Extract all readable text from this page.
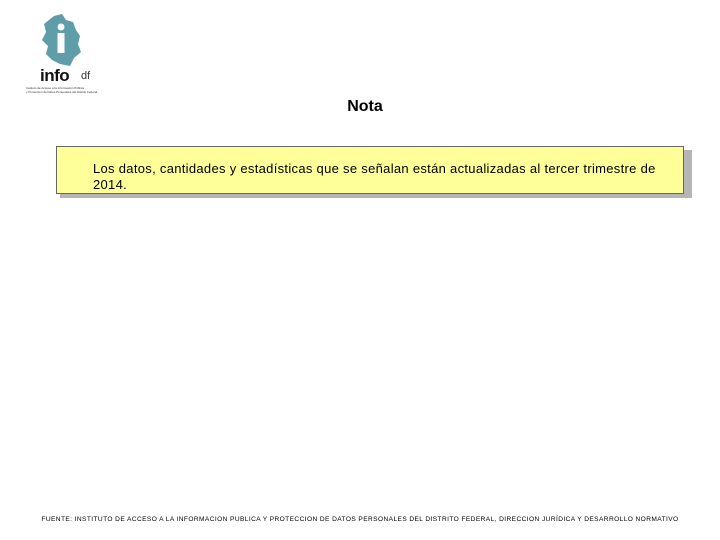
info df
Instituto de Acceso a la Información Pública
y Protección de Datos Personales del Distrito Federal
Nota
Los datos, cantidades y estadísticas que se señalan están actualizadas al tercer trimestre de 2014.
FUENTE: INSTITUTO DE ACCESO A LA INFORMACION PUBLICA Y PROTECCION DE DATOS PERSONALES DEL DISTRITO FEDERAL, DIRECCION JURÍDICA Y DESARROLLO NORMATIVO
